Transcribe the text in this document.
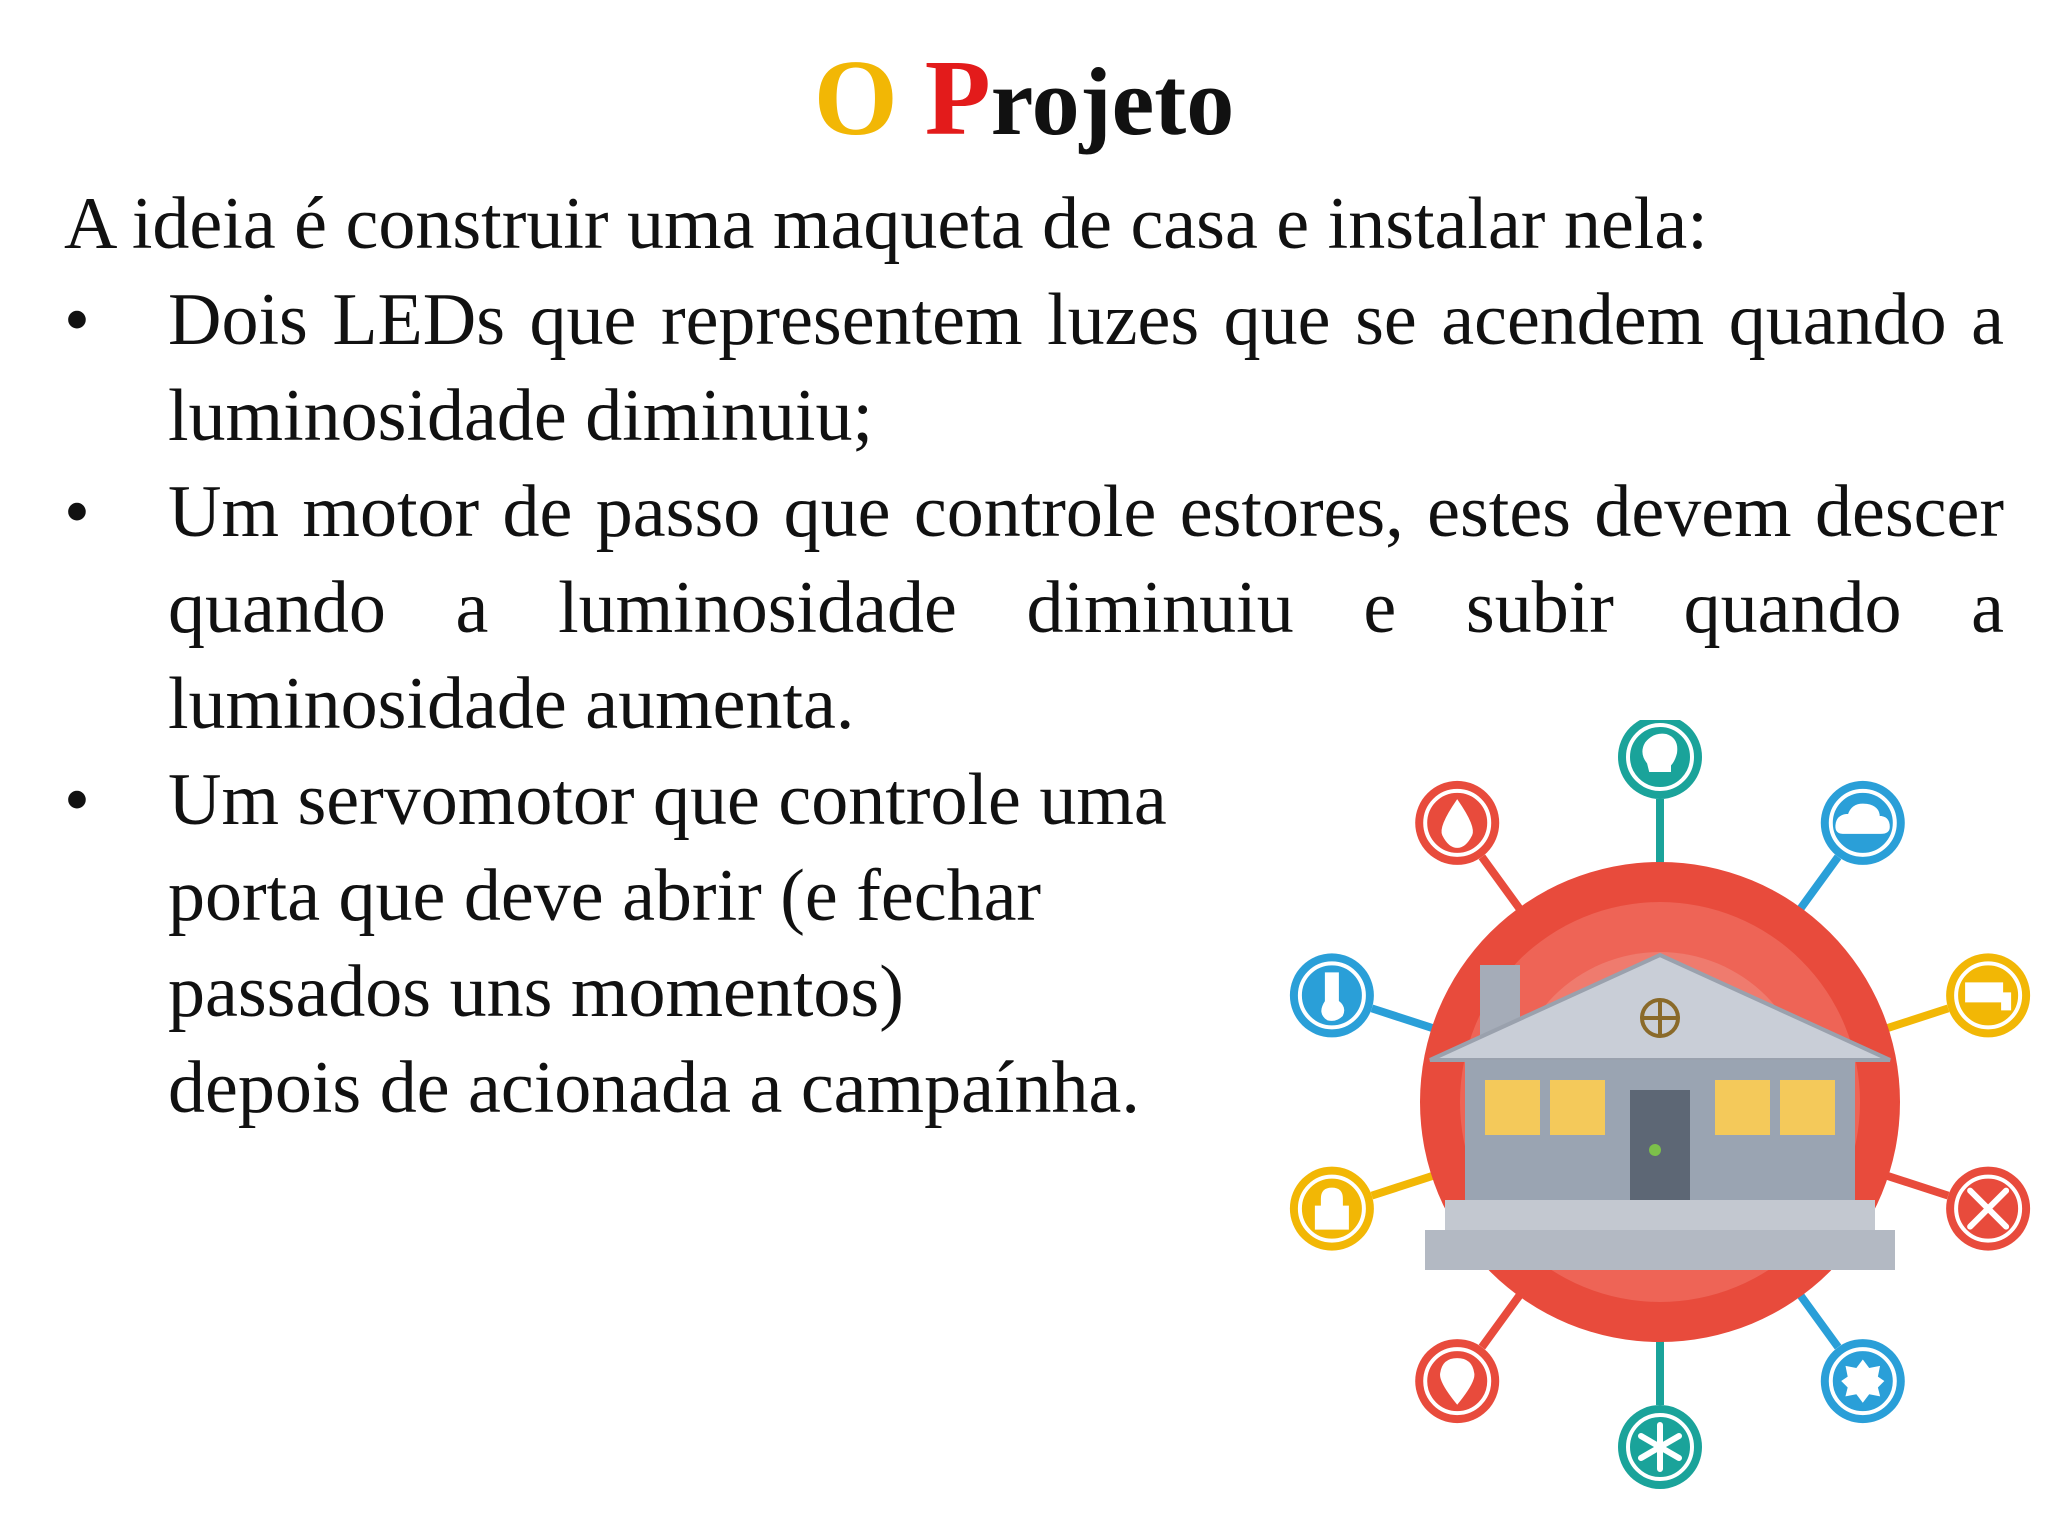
O Projeto
A ideia é construir uma maqueta de casa e instalar nela:
•	Dois LEDs que representem luzes que se acendem quando a luminosidade diminuiu;
•	Um motor de passo que controle estores, estes devem descer quando a luminosidade diminuiu e subir quando a luminosidade aumenta.
•	Um servomotor que controle uma
porta que deve abrir (e fechar
passados uns momentos)
depois de acionada a campaínha.
